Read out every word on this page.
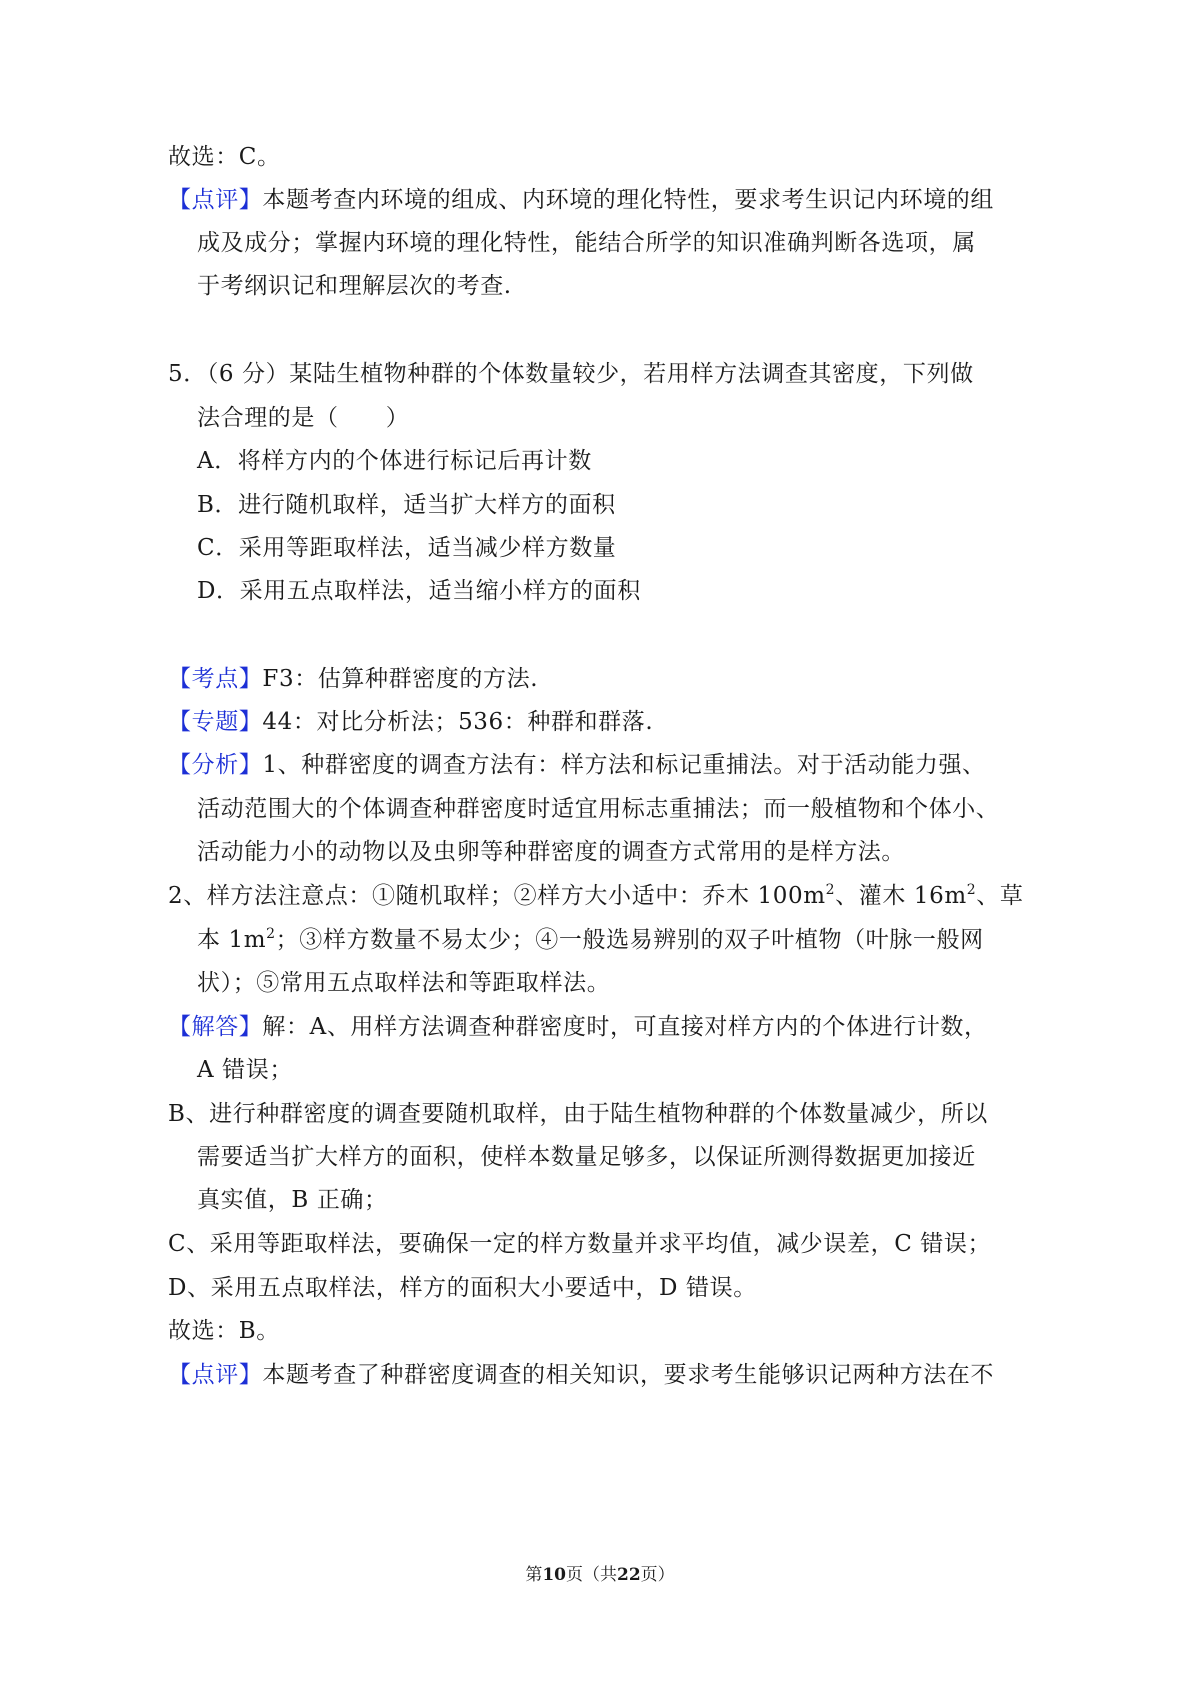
故选：C。
【点评】本题考查内环境的组成、内环境的理化特性，要求考生识记内环境的组
成及成分；掌握内环境的理化特性，能结合所学的知识准确判断各选项，属
于考纲识记和理解层次的考查.
5．（6 分）某陆生植物种群的个体数量较少，若用样方法调查其密度，下列做
法合理的是（　　）
A．将样方内的个体进行标记后再计数
B．进行随机取样，适当扩大样方的面积
C．采用等距取样法，适当减少样方数量
D．采用五点取样法，适当缩小样方的面积
【考点】F3：估算种群密度的方法.
【专题】44：对比分析法；536：种群和群落.
【分析】1、种群密度的调查方法有：样方法和标记重捕法。对于活动能力强、
活动范围大的个体调查种群密度时适宜用标志重捕法；而一般植物和个体小、
活动能力小的动物以及虫卵等种群密度的调查方式常用的是样方法。
2、样方法注意点：①随机取样；②样方大小适中：乔木 $100m^2$、灌木 $16m^2$、草
本 $1m^2$；③样方数量不易太少；④一般选易辨别的双子叶植物（叶脉一般网
状）；⑤常用五点取样法和等距取样法。
【解答】解：A、用样方法调查种群密度时，可直接对样方内的个体进行计数，
A 错误；
B、进行种群密度的调查要随机取样，由于陆生植物种群的个体数量减少，所以
需要适当扩大样方的面积，使样本数量足够多，以保证所测得数据更加接近
真实值，B 正确；
C、采用等距取样法，要确保一定的样方数量并求平均值，减少误差，C 错误；
D、采用五点取样法，样方的面积大小要适中，D 错误。
故选：B。
【点评】本题考查了种群密度调查的相关知识，要求考生能够识记两种方法在不
第10页（共22页）
